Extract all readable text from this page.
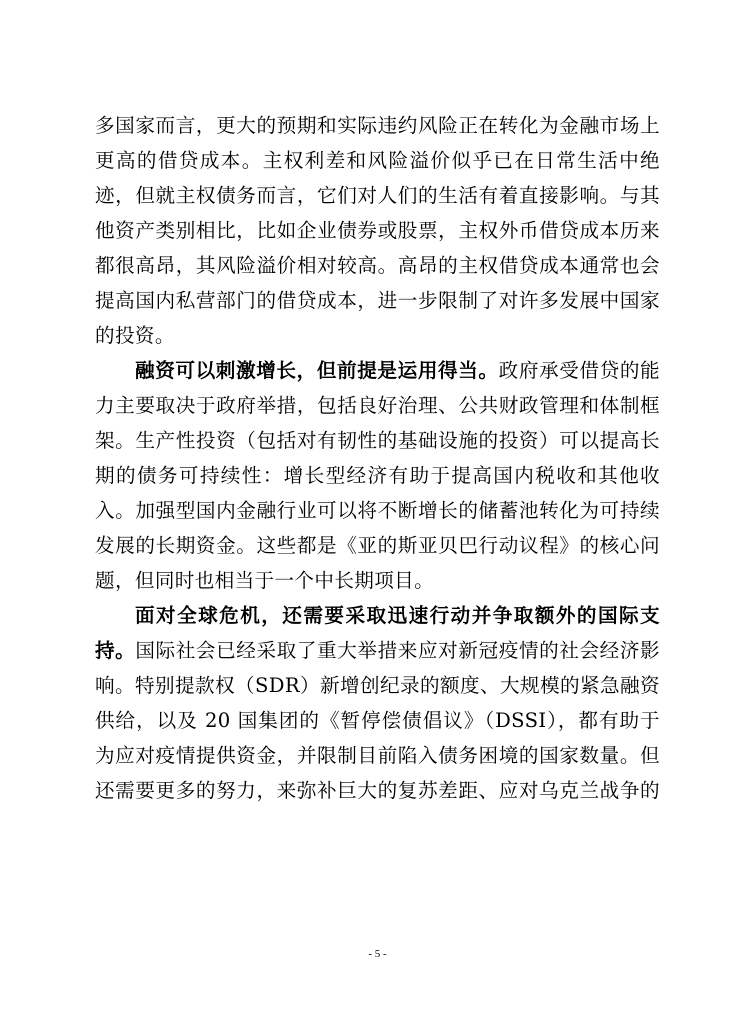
多国家而言，更大的预期和实际违约风险正在转化为金融市场上
更高的借贷成本。主权利差和风险溢价似乎已在日常生活中绝
迹，但就主权债务而言，它们对人们的生活有着直接影响。与其
他资产类别相比，比如企业债券或股票，主权外币借贷成本历来
都很高昂，其风险溢价相对较高。高昂的主权借贷成本通常也会
提高国内私营部门的借贷成本，进一步限制了对许多发展中国家
的投资。
融资可以刺激增长，但前提是运用得当。政府承受借贷的能
力主要取决于政府举措，包括良好治理、公共财政管理和体制框
架。生产性投资（包括对有韧性的基础设施的投资）可以提高长
期的债务可持续性：增长型经济有助于提高国内税收和其他收
入。加强型国内金融行业可以将不断增长的储蓄池转化为可持续
发展的长期资金。这些都是《亚的斯亚贝巴行动议程》的核心问
题，但同时也相当于一个中长期项目。
面对全球危机，还需要采取迅速行动并争取额外的国际支
持。国际社会已经采取了重大举措来应对新冠疫情的社会经济影
响。特别提款权（SDR）新增创纪录的额度、大规模的紧急融资
供给，以及 20 国集团的《暂停偿债倡议》（DSSI），都有助于
为应对疫情提供资金，并限制目前陷入债务困境的国家数量。但
还需要更多的努力，来弥补巨大的复苏差距、应对乌克兰战争的
- 5 -
